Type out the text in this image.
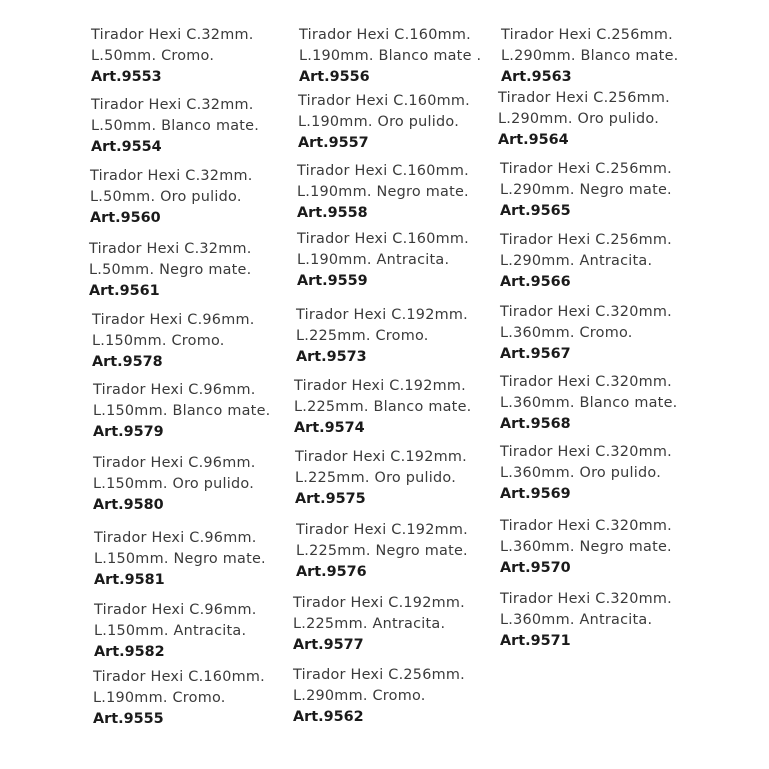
Tirador Hexi C.32mm.
L.50mm. Cromo.
Art.9553
Tirador Hexi C.32mm.
L.50mm. Blanco mate.
Art.9554
Tirador Hexi C.32mm.
L.50mm. Oro pulido.
Art.9560
Tirador Hexi C.32mm.
L.50mm. Negro mate.
Art.9561
Tirador Hexi C.96mm.
L.150mm. Cromo.
Art.9578
Tirador Hexi C.96mm.
L.150mm. Blanco mate.
Art.9579
Tirador Hexi C.96mm.
L.150mm. Oro pulido.
Art.9580
Tirador Hexi C.96mm.
L.150mm. Negro mate.
Art.9581
Tirador Hexi C.96mm.
L.150mm. Antracita.
Art.9582
Tirador Hexi C.160mm.
L.190mm. Cromo.
Art.9555
Tirador Hexi C.160mm.
L.190mm. Blanco mate .
Art.9556
Tirador Hexi C.160mm.
L.190mm. Oro pulido.
Art.9557
Tirador Hexi C.160mm.
L.190mm. Negro mate.
Art.9558
Tirador Hexi C.160mm.
L.190mm. Antracita.
Art.9559
Tirador Hexi C.192mm.
L.225mm. Cromo.
Art.9573
Tirador Hexi C.192mm.
L.225mm. Blanco mate.
Art.9574
Tirador Hexi C.192mm.
L.225mm. Oro pulido.
Art.9575
Tirador Hexi C.192mm.
L.225mm. Negro mate.
Art.9576
Tirador Hexi C.192mm.
L.225mm. Antracita.
Art.9577
Tirador Hexi C.256mm.
L.290mm. Cromo.
Art.9562
Tirador Hexi C.256mm.
L.290mm. Blanco mate.
Art.9563
Tirador Hexi C.256mm.
L.290mm. Oro pulido.
Art.9564
Tirador Hexi C.256mm.
L.290mm. Negro mate.
Art.9565
Tirador Hexi C.256mm.
L.290mm. Antracita.
Art.9566
Tirador Hexi C.320mm.
L.360mm. Cromo.
Art.9567
Tirador Hexi C.320mm.
L.360mm. Blanco mate.
Art.9568
Tirador Hexi C.320mm.
L.360mm. Oro pulido.
Art.9569
Tirador Hexi C.320mm.
L.360mm. Negro mate.
Art.9570
Tirador Hexi C.320mm.
L.360mm. Antracita.
Art.9571
